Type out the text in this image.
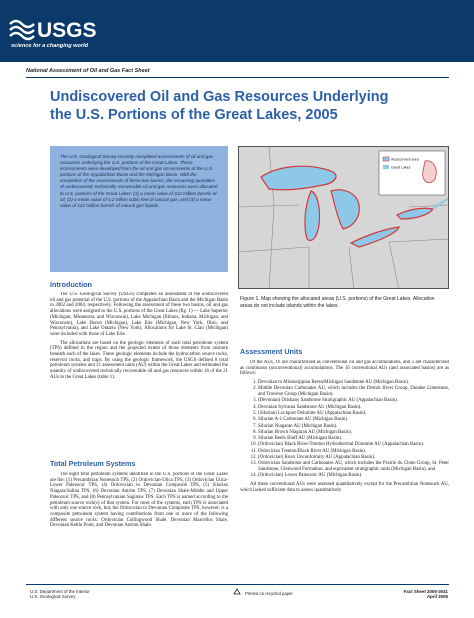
USGS
science for a changing world
National Assessment of Oil and Gas Fact Sheet
Undiscovered Oil and Gas Resources Underlying the U.S. Portions of the Great Lakes, 2005
The U.S. Geological Survey recently completed assessments of oil and gas resources underlying the U.S. portions of the Great Lakes. These assessments were developed from the oil and gas assessments of the U.S. portions of the Appalachian Basin and the Michigan Basin. With the completion of the assessments of these two basins, the remaining quantities of undiscovered, technically recoverable oil and gas resources were allocated to U.S. portions of the Great Lakes: (1) a mean value of 312 million barrels of oil, (2) a mean value of 5.2 trillion cubic feet of natural gas, and (3) a mean value of 122 million barrels of natural gas liquids.
Assessment area
Great Lakes
Figure 1. Map showing the allocated areas (U.S. portions) of the Great Lakes. Allocation areas do not include islands within the lakes.
Introduction

The U.S. Geological Survey (USGS) completed an assessment of the undiscovered oil and gas potential of the U.S. portions of the Appalachian Basin and the Michigan Basin in 2002 and 2004, respectively. Following the assessment of these two basins, oil and gas allocations were assigned to the U.S. portions of the Great Lakes (fig. 1) — Lake Superior (Michigan, Minnesota, and Wisconsin), Lake Michigan (Illinois, Indiana, Michigan, and Wisconsin), Lake Huron (Michigan), Lake Erie (Michigan, New York, Ohio, and Pennsylvania), and Lake Ontario (New York). Allocations for Lake St. Clair (Michigan) were included with those of Lake Erie.

The allocations are based on the geologic elements of each total petroleum system (TPS) defined in the region and the projected extent of those elements from onshore beneath each of the lakes. These geologic elements include the hydrocarbon source rocks, reservoir rocks, and traps. By using the geologic framework, the USGS defined 8 total petroleum systems and 21 assessment units (AU) within the Great Lakes and estimated the quantity of undiscovered technically recoverable oil and gas resources within 16 of the 21 AUs in the Great Lakes (table 1).

Total Petroleum Systems

The eight total petroleum systems identified in the U.S. portions of the Great Lakes are the: (1) Precambrian Nonesuch TPS, (2) Ordovician-Utica TPS, (3) Ordovician Utica-Lower Paleozoic TPS, (4) Ordovician to Devonian Composite TPS, (5) Silurian Niagara/Salina TPS, (6) Devonian Antrim TPS, (7) Devonian Shale-Middle and Upper Paleozoic TPS, and (8) Pennsylvanian Saginaw TPS. Each TPS is named according to the petroleum source rock(s) of that system. For most of the systems, each TPS is associated with only one source rock, but, the Ordovician to Devonian Composite TPS, however, is a composite petroleum system having contributions from one or more of the following different source rocks: Ordovician Collingwood Shale, Devonian Marcellus Shale, Devonian Kettle Point, and Devonian Antrim Shale.

Assessment Units

Of the AUs, 16 are characterized as conventional oil and gas accumulations, and 5 are characterized as continuous (unconventional) accumulations. The 16 conventional AUs (and associated basins) are as follows:

1. Devonian to Mississippian Berea/Michigan Sandstone AU (Michigan Basin).
2. Middle Devonian Carbonates AU, which includes the Detroit River Group, Dundee Limestone, and Traverse Group (Michigan Basin).
3. (Devonian) Oriskany Sandstone Stratigraphic AU (Appalachian Basin).
4. Devonian Sylvania Sandstone AU (Michigan Basin).
5. (Silurian) Lockport Dolomite AU (Appalachian Basin).
6. Silurian A-1 Carbonate AU (Michigan Basin).
7. Silurian Niagaran AU (Michigan Basin).
8. Silurian Brown Niagaran AU (Michigan Basin).
9. Silurian Reefs Bluff AU (Michigan Basin).
10. (Ordovician) Black River-Trenton Hydrothermal Dolomite AU (Appalachian Basin).
11. Ordovician Trenton/Black River AU (Michigan Basin).
12. (Ordovician) Knox Unconformity AU (Appalachian Basin).
13. Ordovician Sandstone and Carbonates AU, which includes the Prairie du Chien Group, St. Peter Sandstone, Glenwood Formation, and equivalent stratigraphic units (Michigan Basin), and
14. (Ordovician) Lower Paleozoic AU (Michigan Basin).

All these conventional AUs were assessed quantitatively except for the Precambrian Nonesuch AU, which lacked sufficient data to assess quantitatively.

U.S. Department of the Interior
U.S. Geological Survey
Printed on recycled paper	Fact Sheet 2005-3041
April 2005
